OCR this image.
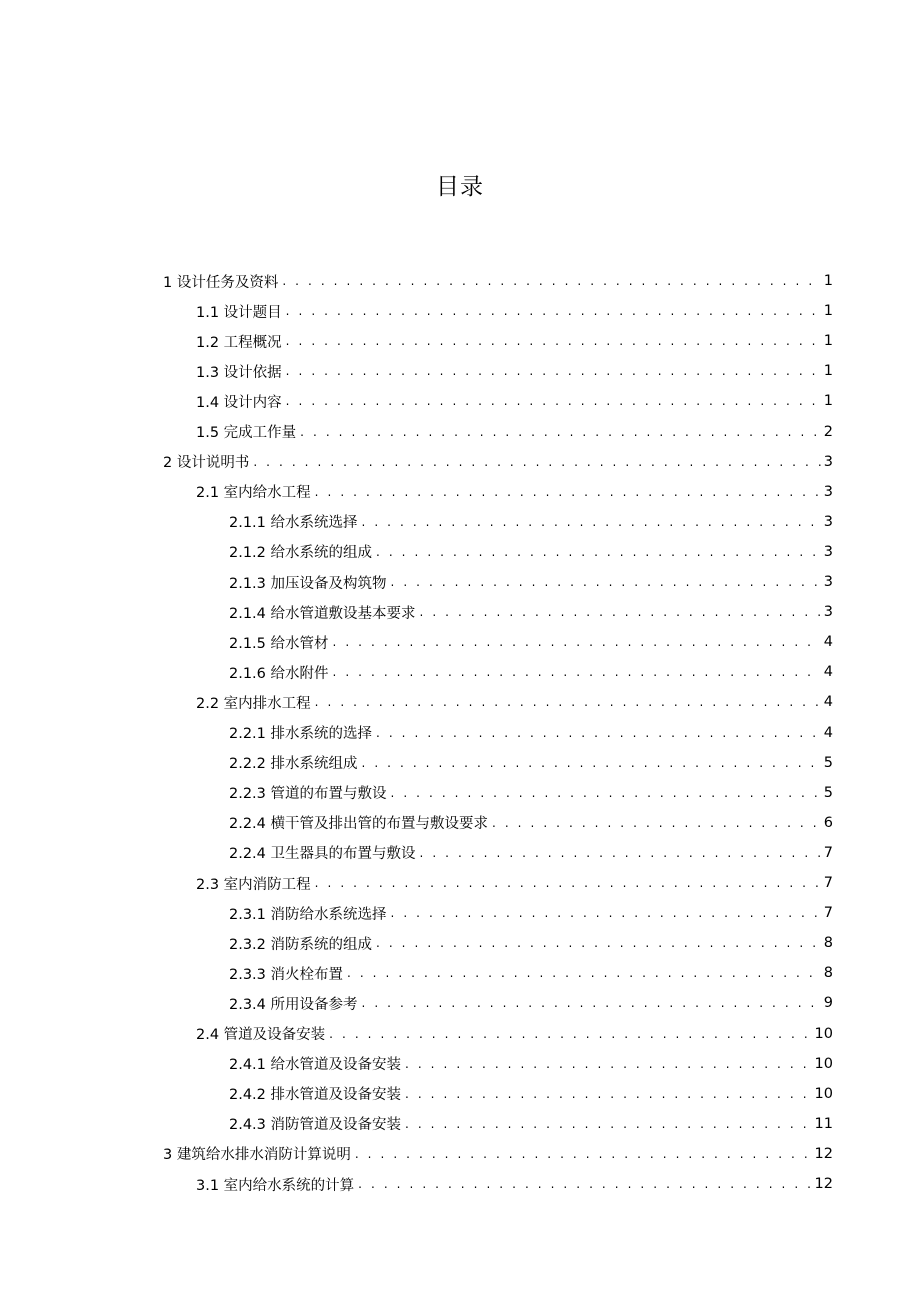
目录
1 设计任务及资料 . . .	1
1.1 设计题目 . . .	1
1.2 工程概况 . . .	1
1.3 设计依据 . . .	1
1.4 设计内容 . . .	1
1.5 完成工作量 . . .	2
2 设计说明书 . . .	3
2.1 室内给水工程 . . .	3
2.1.1 给水系统选择 . . .	3
2.1.2 给水系统的组成 . . .	3
2.1.3 加压设备及构筑物 . . .	3
2.1.4 给水管道敷设基本要求 . . .	3
2.1.5 给水管材 . . .	4
2.1.6 给水附件 . . .	4
2.2 室内排水工程 . . .	4
2.2.1 排水系统的选择 . . .	4
2.2.2 排水系统组成 . . .	5
2.2.3 管道的布置与敷设 . . .	5
2.2.4 横干管及排出管的布置与敷设要求 . . .	6
2.2.4 卫生器具的布置与敷设 . . .	7
2.3 室内消防工程 . . .	7
2.3.1 消防给水系统选择 . . .	7
2.3.2 消防系统的组成 . . .	8
2.3.3 消火栓布置 . . .	8
2.3.4 所用设备参考 . . .	9
2.4 管道及设备安装 . . .	10
2.4.1 给水管道及设备安装 . . .	10
2.4.2 排水管道及设备安装 . . .	10
2.4.3 消防管道及设备安装 . . .	11
3 建筑给水排水消防计算说明 . . .	12
3.1 室内给水系统的计算 . . .	12
